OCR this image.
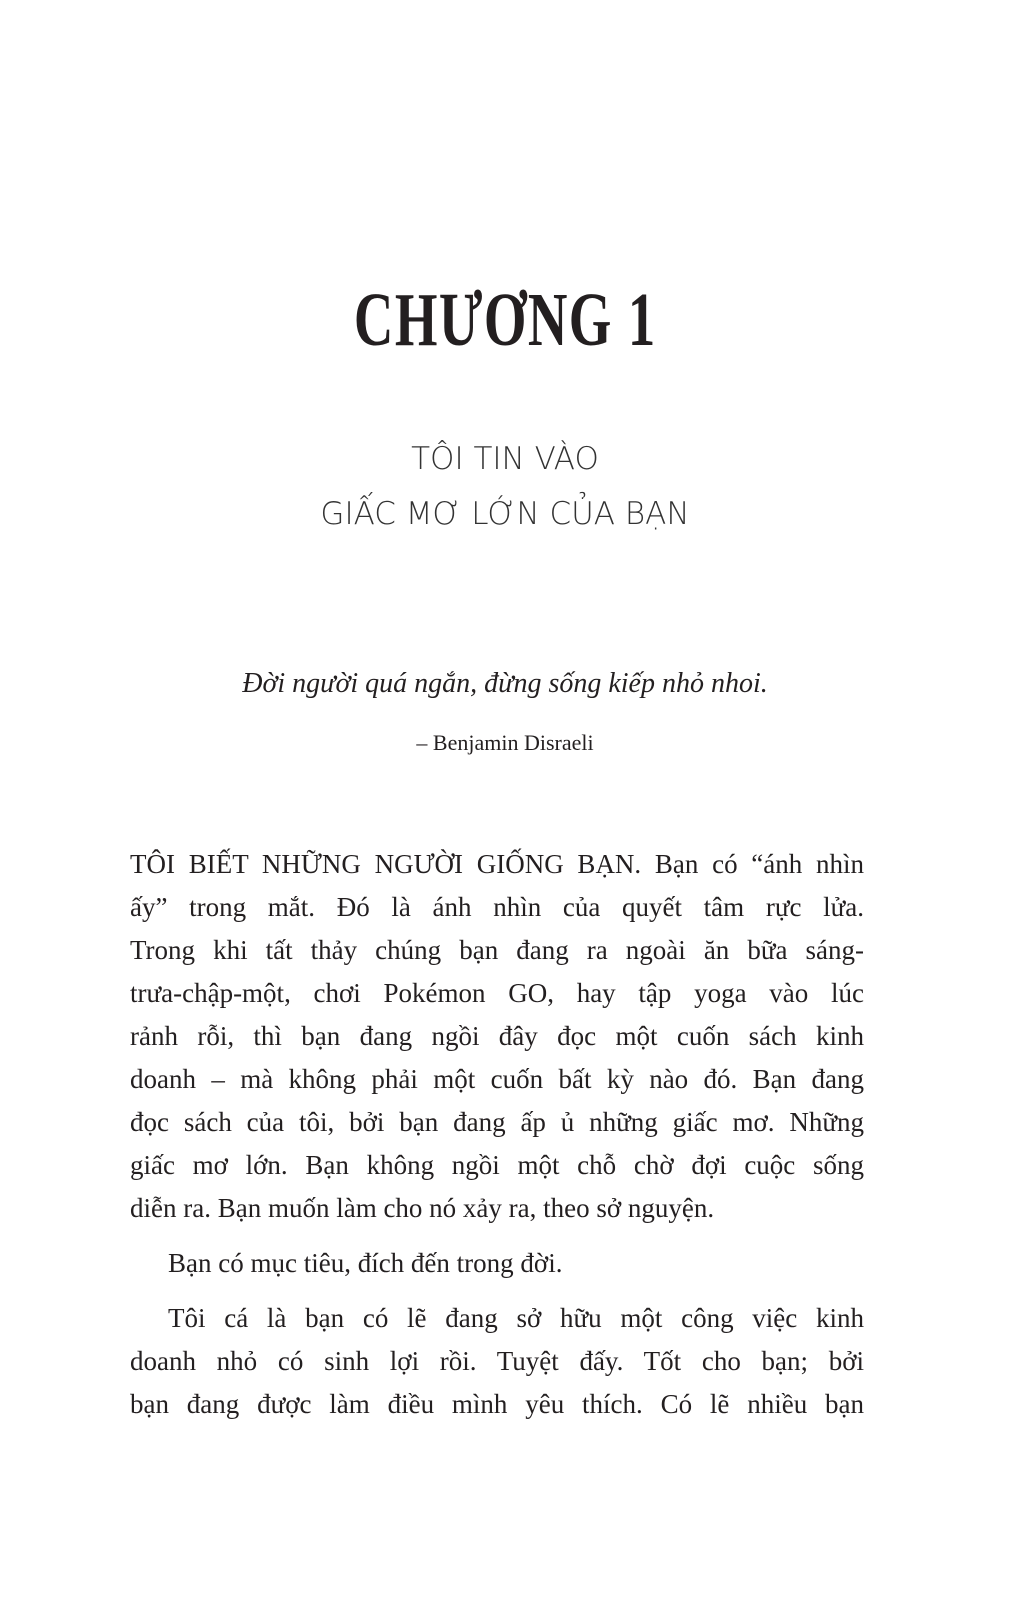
CHƯƠNG 1
TÔI TIN VÀO
GIẤC MƠ LỚN CỦA BẠN
Đời người quá ngắn, đừng sống kiếp nhỏ nhoi.
– Benjamin Disraeli
TÔI BIẾT NHỮNG NGƯỜI GIỐNG BẠN. Bạn có “ánh nhìn
ấy” trong mắt. Đó là ánh nhìn của quyết tâm rực lửa.
Trong khi tất thảy chúng bạn đang ra ngoài ăn bữa sáng-
trưa-chập-một, chơi Pokémon GO, hay tập yoga vào lúc
rảnh rỗi, thì bạn đang ngồi đây đọc một cuốn sách kinh
doanh – mà không phải một cuốn bất kỳ nào đó. Bạn đang
đọc sách của tôi, bởi bạn đang ấp ủ những giấc mơ. Những
giấc mơ lớn. Bạn không ngồi một chỗ chờ đợi cuộc sống
diễn ra. Bạn muốn làm cho nó xảy ra, theo sở nguyện.
Bạn có mục tiêu, đích đến trong đời.
Tôi cá là bạn có lẽ đang sở hữu một công việc kinh
doanh nhỏ có sinh lợi rồi. Tuyệt đấy. Tốt cho bạn; bởi
bạn đang được làm điều mình yêu thích. Có lẽ nhiều bạn
